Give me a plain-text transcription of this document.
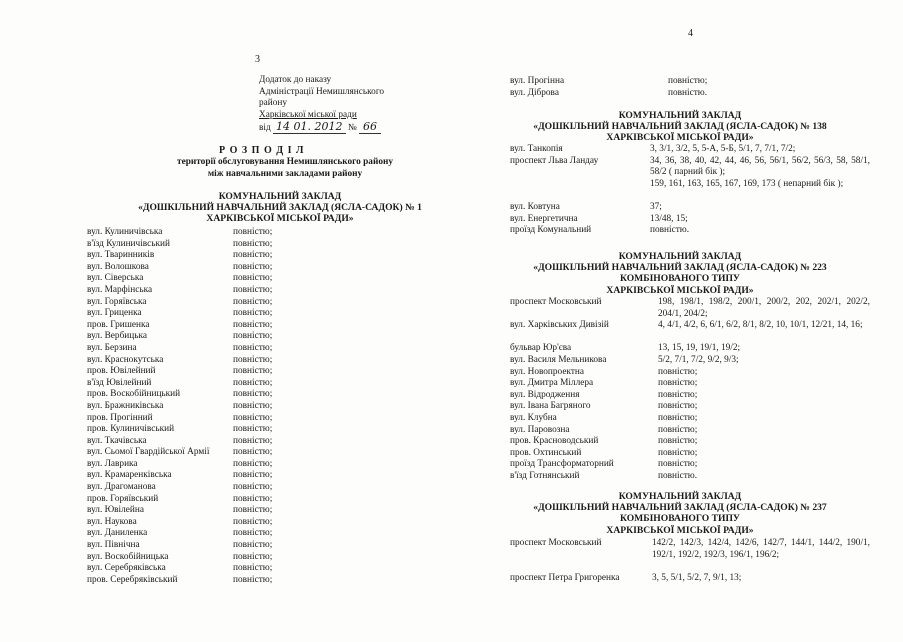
3
Додаток до наказу
Адміністрації Немишлянського
району
Харківської міської ради
від 14 01. 2012 № 66
Р О З П О Д І Л
території обслуговування Немишлянського району
між навчальними закладами району
КОМУНАЛЬНИЙ ЗАКЛАД
«ДОШКІЛЬНИЙ НАВЧАЛЬНИЙ ЗАКЛАД (ЯСЛА-САДОК) № 1
ХАРКІВСЬКОЇ МІСЬКОЇ РАДИ»
вул. Кулиничівська	повністю;
в'їзд Кулиничівський	повністю;
вул. Тваринників	повністю;
вул. Волошкова	повністю;
вул. Сіверська	повністю;
вул. Марфінська	повністю;
вул. Горяївська	повністю;
вул. Гриценка	повністю;
пров. Гришенка	повністю;
вул. Вербицька	повністю;
вул. Берзина	повністю;
вул. Краснокутська	повністю;
пров. Ювілейний	повністю;
в'їзд Ювілейний	повністю;
пров. Воскобійницький	повністю;
вул. Бражниківська	повністю;
пров. Прогінний	повністю;
пров. Кулиничівський	повністю;
вул. Ткачівська	повністю;
вул. Сьомої Гвардійської Армії	повністю;
вул. Лаврика	повністю;
вул. Крамаренківська	повністю;
вул. Драгоманова	повністю;
пров. Горяївський	повністю;
вул. Ювілейна	повністю;
вул. Наукова	повністю;
вул. Даниленка	повністю;
вул. Північна	повністю;
вул. Воскобійницька	повністю;
вул. Серебряківська	повністю;
пров. Серебряківський	повністю;
4
вул. Прогінна	повністю;
вул. Діброва	повністю.
КОМУНАЛЬНИЙ ЗАКЛАД
«ДОШКІЛЬНИЙ НАВЧАЛЬНИЙ ЗАКЛАД (ЯСЛА-САДОК) № 138
ХАРКІВСЬКОЇ МІСЬКОЇ РАДИ»
вул. Танкопія	3, 3/1, 3/2, 5, 5-А, 5-Б, 5/1, 7, 7/1, 7/2;
проспект Льва Ландау	34, 36, 38, 40, 42, 44, 46, 56, 56/1, 56/2, 56/3, 58, 58/1, 58/2 ( парний бік );
159, 161, 163, 165, 167, 169, 173 ( непарний бік );
вул. Ковтуна	37;
вул. Енергетична	13/48, 15;
проїзд Комунальний	повністю.
КОМУНАЛЬНИЙ ЗАКЛАД
«ДОШКІЛЬНИЙ НАВЧАЛЬНИЙ ЗАКЛАД (ЯСЛА-САДОК) № 223
КОМБІНОВАНОГО ТИПУ
ХАРКІВСЬКОЇ МІСЬКОЇ РАДИ»
проспект Московський	198, 198/1, 198/2, 200/1, 200/2, 202, 202/1, 202/2, 204/1, 204/2;
вул. Харківських Дивізій	4, 4/1, 4/2, 6, 6/1, 6/2, 8/1, 8/2, 10, 10/1, 12/21, 14, 16;
бульвар Юр'єва	13, 15, 19, 19/1, 19/2;
вул. Василя Мельникова	5/2, 7/1, 7/2, 9/2, 9/3;
вул. Новопроектна	повністю;
вул. Дмитра Міллера	повністю;
вул. Відродження	повністю;
вул. Івана Багряного	повністю;
вул. Клубна	повністю;
вул. Паровозна	повністю;
пров. Красноводський	повністю;
пров. Охтинський	повністю;
проїзд Трансформаторний	повністю;
в'їзд Готнянський	повністю.
КОМУНАЛЬНИЙ ЗАКЛАД
«ДОШКІЛЬНИЙ НАВЧАЛЬНИЙ ЗАКЛАД (ЯСЛА-САДОК) № 237
КОМБІНОВАНОГО ТИПУ
ХАРКІВСЬКОЇ МІСЬКОЇ РАДИ»
проспект Московський	142/2, 142/3, 142/4, 142/6, 142/7, 144/1, 144/2, 190/1, 192/1, 192/2, 192/3, 196/1, 196/2;
проспект Петра Григоренка	3, 5, 5/1, 5/2, 7, 9/1, 13;
